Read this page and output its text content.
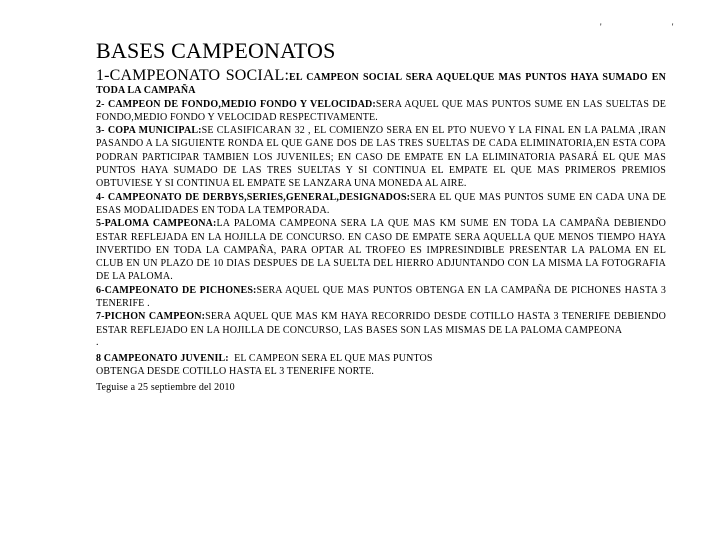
' '
BASES CAMPEONATOS

1-CAMPEONATO SOCIAL:EL CAMPEON SOCIAL SERA AQUELQUE MAS PUNTOS HAYA SUMADO EN TODA LA CAMPAÑA

2- CAMPEON DE FONDO,MEDIO FONDO Y VELOCIDAD:SERA AQUEL QUE MAS PUNTOS SUME EN LAS SUELTAS DE FONDO,MEDIO FONDO Y VELOCIDAD RESPECTIVAMENTE.

3- COPA MUNICIPAL:SE CLASIFICARAN 32 , EL COMIENZO SERA EN EL PTO NUEVO Y LA FINAL EN LA PALMA ,IRAN PASANDO A LA SIGUIENTE RONDA EL QUE GANE DOS DE LAS TRES SUELTAS DE CADA ELIMINATORIA,EN ESTA COPA PODRAN PARTICIPAR TAMBIEN LOS JUVENILES; EN CASO DE EMPATE EN LA ELIMINATORIA PASARÁ EL QUE MAS PUNTOS HAYA SUMADO DE LAS TRES SUELTAS Y SI CONTINUA EL EMPATE EL QUE MAS PRIMEROS PREMIOS OBTUVIESE Y SI CONTINUA EL EMPATE SE LANZARA UNA MONEDA AL AIRE.

4- CAMPEONATO DE DERBYS,SERIES,GENERAL,DESIGNADOS:SERA EL QUE MAS PUNTOS SUME EN CADA UNA DE ESAS MODALIDADES EN TODA LA TEMPORADA.

5-PALOMA CAMPEONA:LA PALOMA CAMPEONA SERA LA QUE MAS KM SUME EN TODA LA CAMPAÑA DEBIENDO ESTAR REFLEJADA EN LA HOJILLA DE CONCURSO. EN CASO DE EMPATE SERA AQUELLA QUE MENOS TIEMPO HAYA INVERTIDO EN TODA LA CAMPAÑA, PARA OPTAR AL TROFEO ES IMPRESINDIBLE PRESENTAR LA PALOMA EN EL CLUB EN UN PLAZO DE 10 DIAS DESPUES DE LA SUELTA DEL HIERRO ADJUNTANDO CON LA MISMA LA FOTOGRAFIA DE LA PALOMA.

6-CAMPEONATO DE PICHONES:SERA AQUEL QUE MAS PUNTOS OBTENGA EN LA CAMPAÑA DE PICHONES HASTA 3 TENERIFE .

7-PICHON CAMPEON:SERA AQUEL QUE MAS KM HAYA RECORRIDO DESDE COTILLO HASTA 3 TENERIFE DEBIENDO ESTAR REFLEJADO EN LA HOJILLA DE CONCURSO, LAS BASES SON LAS MISMAS DE LA PALOMA CAMPEONA

.

8 CAMPEONATO JUVENIL: EL CAMPEON SERA EL QUE MAS PUNTOS
OBTENGA DESDE COTILLO HASTA EL 3 TENERIFE NORTE.

Teguise a 25 septiembre del 2010
